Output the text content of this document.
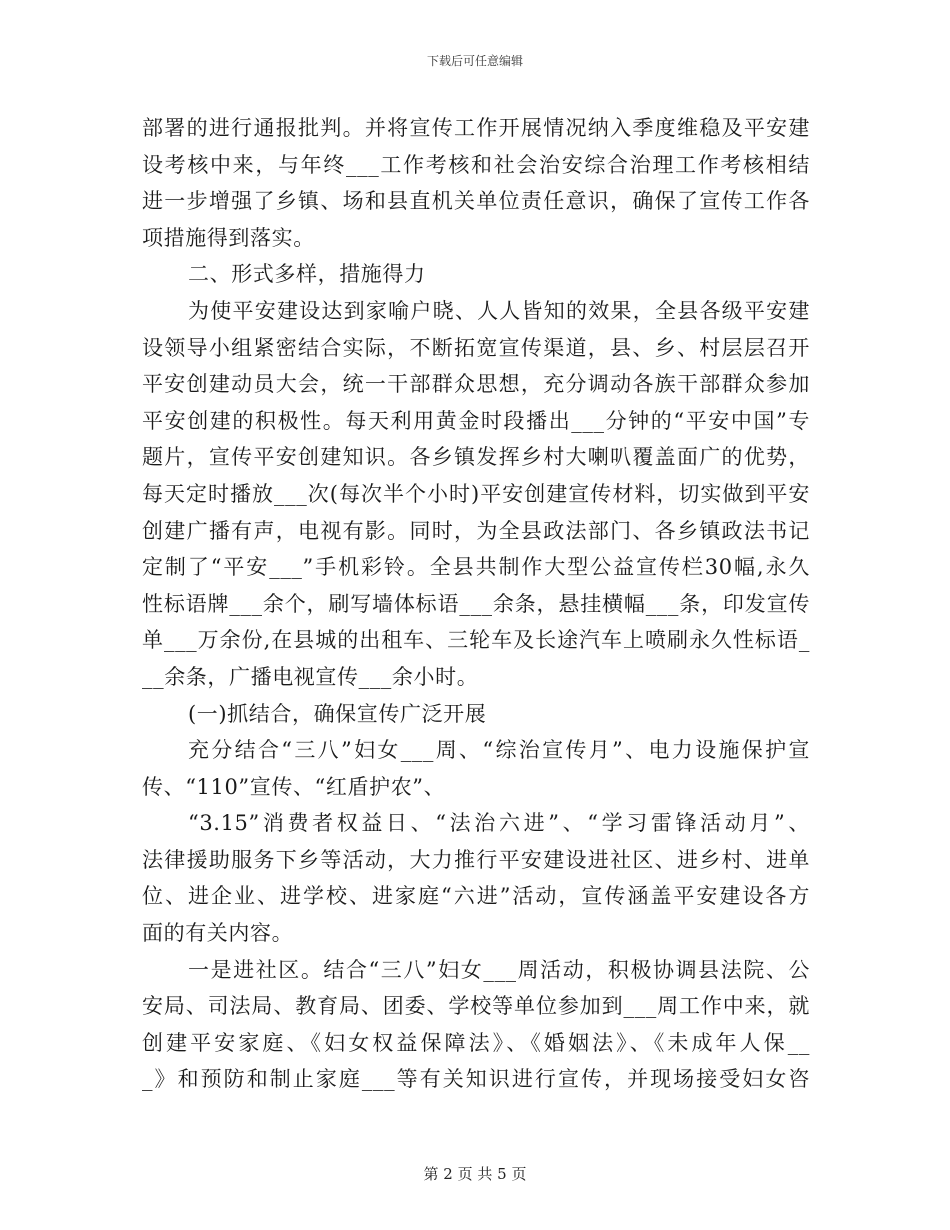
下载后可任意编辑
部署的进行通报批判。并将宣传工作开展情况纳入季度维稳及平安建
设考核中来，与年终___工作考核和社会治安综合治理工作考核相结
进一步增强了乡镇、场和县直机关单位责任意识，确保了宣传工作各
项措施得到落实。
二、形式多样，措施得力
为使平安建设达到家喻户晓、人人皆知的效果，全县各级平安建
设领导小组紧密结合实际，不断拓宽宣传渠道，县、乡、村层层召开
平安创建动员大会，统一干部群众思想，充分调动各族干部群众参加
平安创建的积极性。每天利用黄金时段播出___分钟的“平安中国”专
题片，宣传平安创建知识。各乡镇发挥乡村大喇叭覆盖面广的优势，
每天定时播放___次(每次半个小时)平安创建宣传材料，切实做到平安
创建广播有声，电视有影。同时，为全县政法部门、各乡镇政法书记
定制了“平安___”手机彩铃。全县共制作大型公益宣传栏30幅,永久
性标语牌___余个，刷写墙体标语___余条，悬挂横幅___条，印发宣传
单___万余份,在县城的出租车、三轮车及长途汽车上喷刷永久性标语_
__余条，广播电视宣传___余小时。
(一)抓结合，确保宣传广泛开展
充分结合“三八”妇女___周、“综治宣传月”、电力设施保护宣
传、“110”宣传、“红盾护农”、
“3.15”消费者权益日、“法治六进”、“学习雷锋活动月”、
法律援助服务下乡等活动，大力推行平安建设进社区、进乡村、进单
位、进企业、进学校、进家庭“六进”活动，宣传涵盖平安建设各方
面的有关内容。
一是进社区。结合“三八”妇女___周活动，积极协调县法院、公
安局、司法局、教育局、团委、学校等单位参加到___周工作中来，就
创建平安家庭、《妇女权益保障法》、《婚姻法》、《未成年人保__
_》和预防和制止家庭___等有关知识进行宣传，并现场接受妇女咨
第 2 页 共 5 页
